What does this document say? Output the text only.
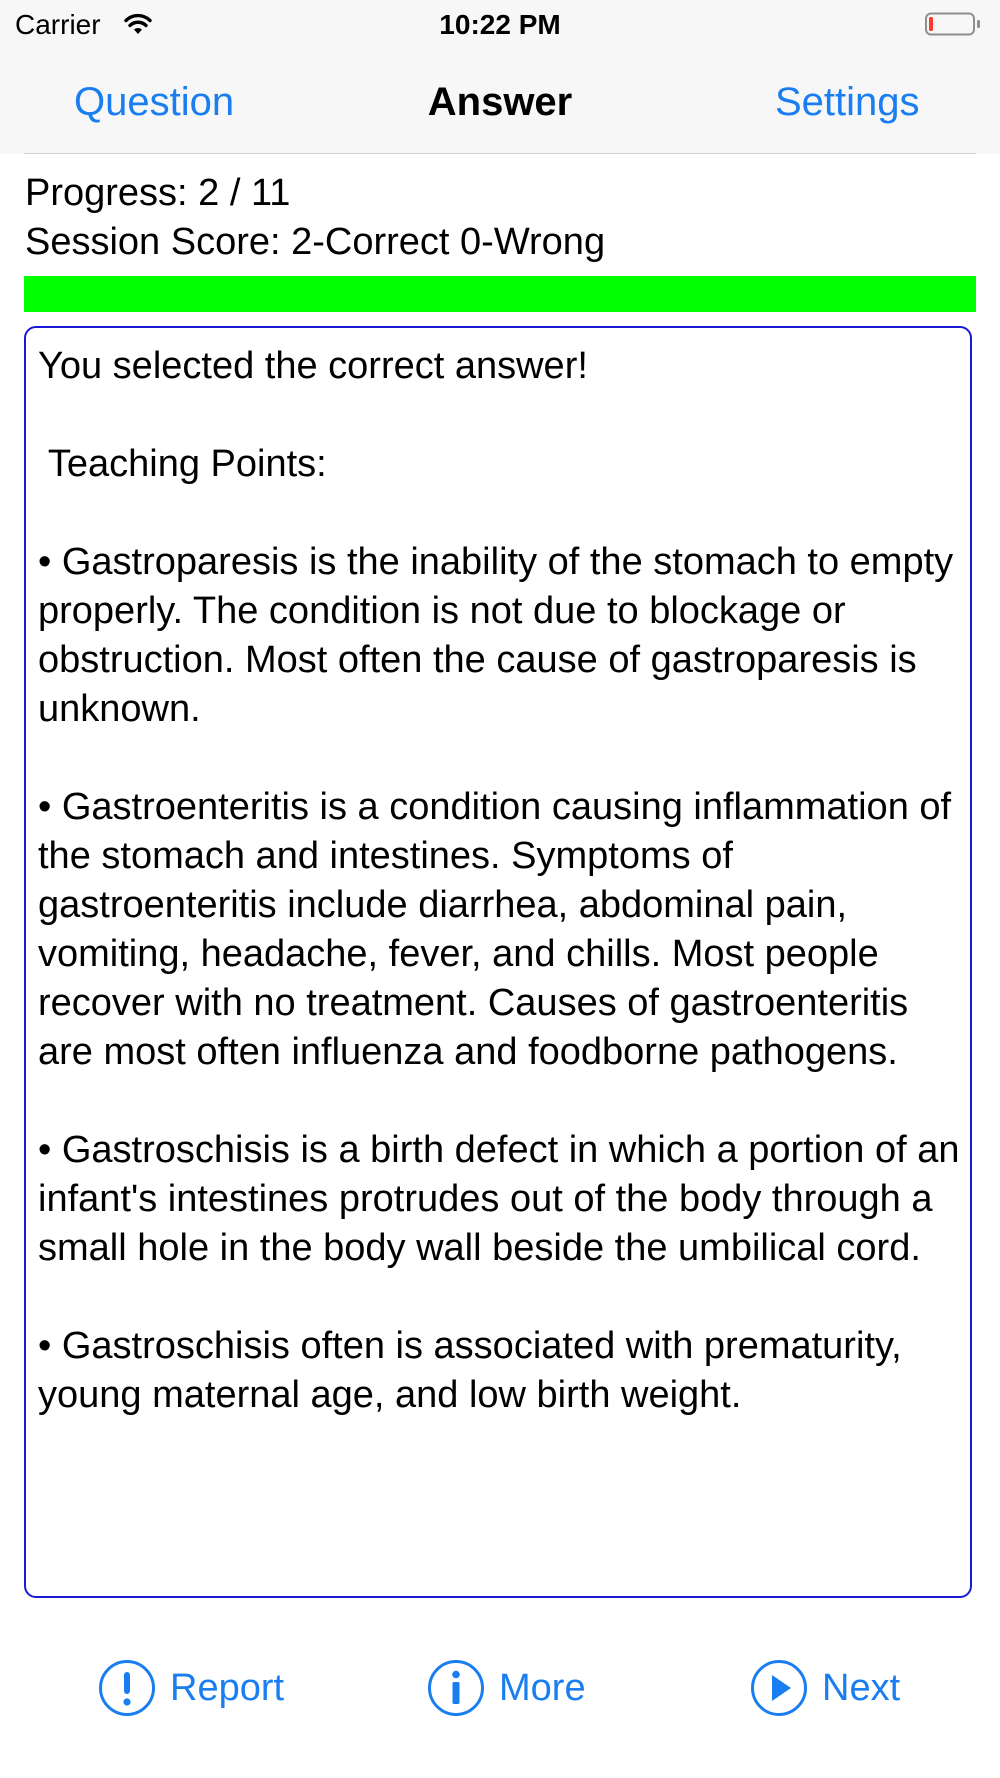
Carrier	10:22 PM
Question	Answer	Settings
Progress: 2 / 11
Session Score: 2-Correct 0-Wrong

You selected the correct answer!

Teaching Points:

• Gastroparesis is the inability of the stomach to empty properly. The condition is not due to blockage or obstruction. Most often the cause of gastroparesis is unknown.

• Gastroenteritis is a condition causing inflammation of the stomach and intestines. Symptoms of gastroenteritis include diarrhea, abdominal pain, vomiting, headache, fever, and chills. Most people recover with no treatment. Causes of gastroenteritis are most often influenza and foodborne pathogens.

• Gastroschisis is a birth defect in which a portion of an infant's intestines protrudes out of the body through a small hole in the body wall beside the umbilical cord.

• Gastroschisis often is associated with prematurity, young maternal age, and low birth weight.

Report	More	Next
